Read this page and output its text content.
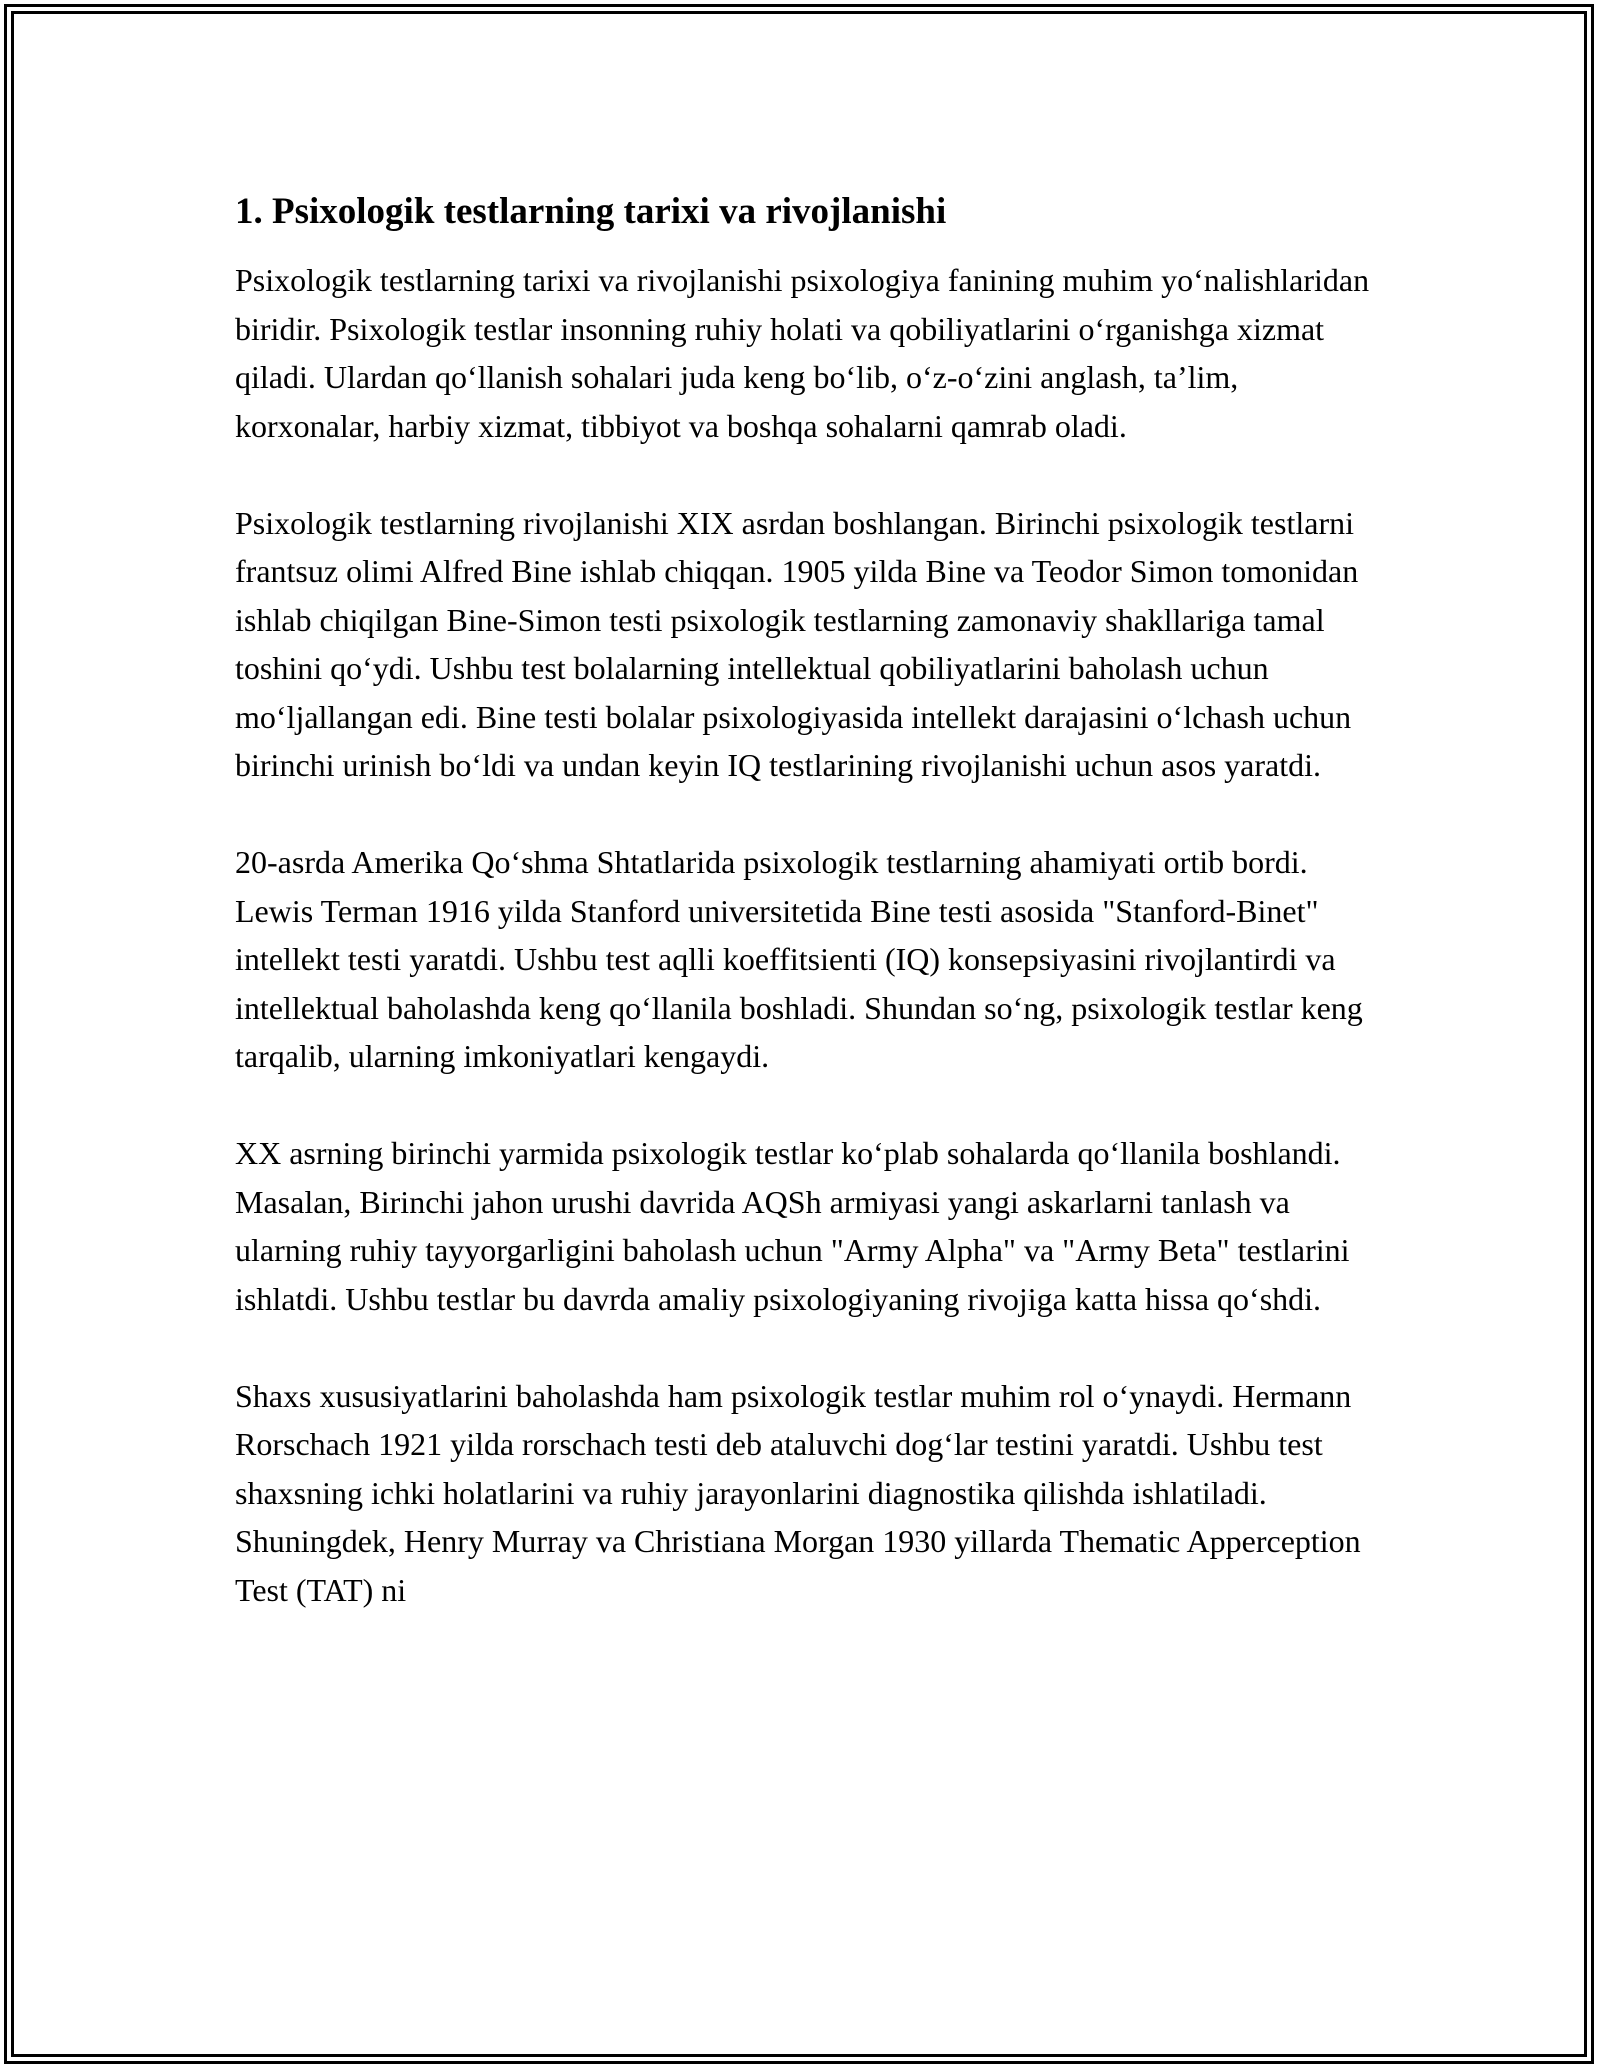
1. Psixologik testlarning tarixi va rivojlanishi

Psixologik testlarning tarixi va rivojlanishi psixologiya fanining muhim yo‘nalishlaridan biridir. Psixologik testlar insonning ruhiy holati va qobiliyatlarini o‘rganishga xizmat qiladi. Ulardan qo‘llanish sohalari juda keng bo‘lib, o‘z-o‘zini anglash, ta’lim, korxonalar, harbiy xizmat, tibbiyot va boshqa sohalarni qamrab oladi.

Psixologik testlarning rivojlanishi XIX asrdan boshlangan. Birinchi psixologik testlarni frantsuz olimi Alfred Bine ishlab chiqqan. 1905 yilda Bine va Teodor Simon tomonidan ishlab chiqilgan Bine-Simon testi psixologik testlarning zamonaviy shakllariga tamal toshini qo‘ydi. Ushbu test bolalarning intellektual qobiliyatlarini baholash uchun mo‘ljallangan edi. Bine testi bolalar psixologiyasida intellekt darajasini o‘lchash uchun birinchi urinish bo‘ldi va undan keyin IQ testlarining rivojlanishi uchun asos yaratdi.

20-asrda Amerika Qo‘shma Shtatlarida psixologik testlarning ahamiyati ortib bordi. Lewis Terman 1916 yilda Stanford universitetida Bine testi asosida "Stanford-Binet" intellekt testi yaratdi. Ushbu test aqlli koeffitsienti (IQ) konsepsiyasini rivojlantirdi va intellektual baholashda keng qo‘llanila boshladi. Shundan so‘ng, psixologik testlar keng tarqalib, ularning imkoniyatlari kengaydi.

XX asrning birinchi yarmida psixologik testlar ko‘plab sohalarda qo‘llanila boshlandi. Masalan, Birinchi jahon urushi davrida AQSh armiyasi yangi askarlarni tanlash va ularning ruhiy tayyorgarligini baholash uchun "Army Alpha" va "Army Beta" testlarini ishlatdi. Ushbu testlar bu davrda amaliy psixologiyaning rivojiga katta hissa qo‘shdi.

Shaxs xususiyatlarini baholashda ham psixologik testlar muhim rol o‘ynaydi. Hermann Rorschach 1921 yilda rorschach testi deb ataluvchi dog‘lar testini yaratdi. Ushbu test shaxsning ichki holatlarini va ruhiy jarayonlarini diagnostika qilishda ishlatiladi. Shuningdek, Henry Murray va Christiana Morgan 1930 yillarda Thematic Apperception Test (TAT) ni
